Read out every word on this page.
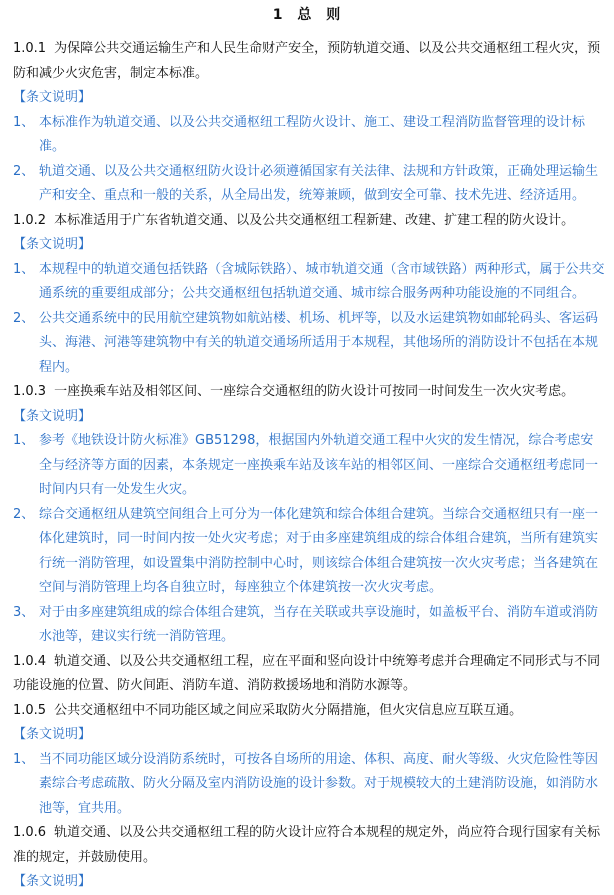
1 总 则

1.0.1 为保障公共交通运输生产和人民生命财产安全，预防轨道交通、以及公共交通枢纽工程火灾，预防和减少火灾危害，制定本标准。

【条文说明】

1、 本标准作为轨道交通、以及公共交通枢纽工程防火设计、施工、建设工程消防监督管理的设计标准。

2、 轨道交通、以及公共交通枢纽防火设计必须遵循国家有关法律、法规和方针政策，正确处理运输生产和安全、重点和一般的关系，从全局出发，统筹兼顾，做到安全可靠、技术先进、经济适用。

1.0.2 本标准适用于广东省轨道交通、以及公共交通枢纽工程新建、改建、扩建工程的防火设计。

【条文说明】

1、 本规程中的轨道交通包括铁路（含城际铁路）、城市轨道交通（含市域铁路）两种形式，属于公共交通系统的重要组成部分；公共交通枢纽包括轨道交通、城市综合服务两种功能设施的不同组合。

2、 公共交通系统中的民用航空建筑物如航站楼、机场、机坪等，以及水运建筑物如邮轮码头、客运码头、海港、河港等建筑物中有关的轨道交通场所适用于本规程，其他场所的消防设计不包括在本规程内。

1.0.3 一座换乘车站及相邻区间、一座综合交通枢纽的防火设计可按同一时间发生一次火灾考虑。

【条文说明】

1、 参考《地铁设计防火标准》GB51298，根据国内外轨道交通工程中火灾的发生情况，综合考虑安全与经济等方面的因素，本条规定一座换乘车站及该车站的相邻区间、一座综合交通枢纽考虑同一时间内只有一处发生火灾。

2、 综合交通枢纽从建筑空间组合上可分为一体化建筑和综合体组合建筑。当综合交通枢纽只有一座一体化建筑时，同一时间内按一处火灾考虑；对于由多座建筑组成的综合体组合建筑，当所有建筑实行统一消防管理，如设置集中消防控制中心时，则该综合体组合建筑按一次火灾考虑；当各建筑在空间与消防管理上均各自独立时，每座独立个体建筑按一次火灾考虑。

3、 对于由多座建筑组成的综合体组合建筑，当存在关联或共享设施时，如盖板平台、消防车道或消防水池等，建议实行统一消防管理。

1.0.4 轨道交通、以及公共交通枢纽工程，应在平面和竖向设计中统筹考虑并合理确定不同形式与不同功能设施的位置、防火间距、消防车道、消防救援场地和消防水源等。

1.0.5 公共交通枢纽中不同功能区域之间应采取防火分隔措施，但火灾信息应互联互通。

【条文说明】

1、 当不同功能区域分设消防系统时，可按各自场所的用途、体积、高度、耐火等级、火灾危险性等因素综合考虑疏散、防火分隔及室内消防设施的设计参数。对于规模较大的土建消防设施，如消防水池等，宜共用。

1.0.6 轨道交通、以及公共交通枢纽工程的防火设计应符合本规程的规定外，尚应符合现行国家有关标准的规定，并鼓励使用。

【条文说明】
